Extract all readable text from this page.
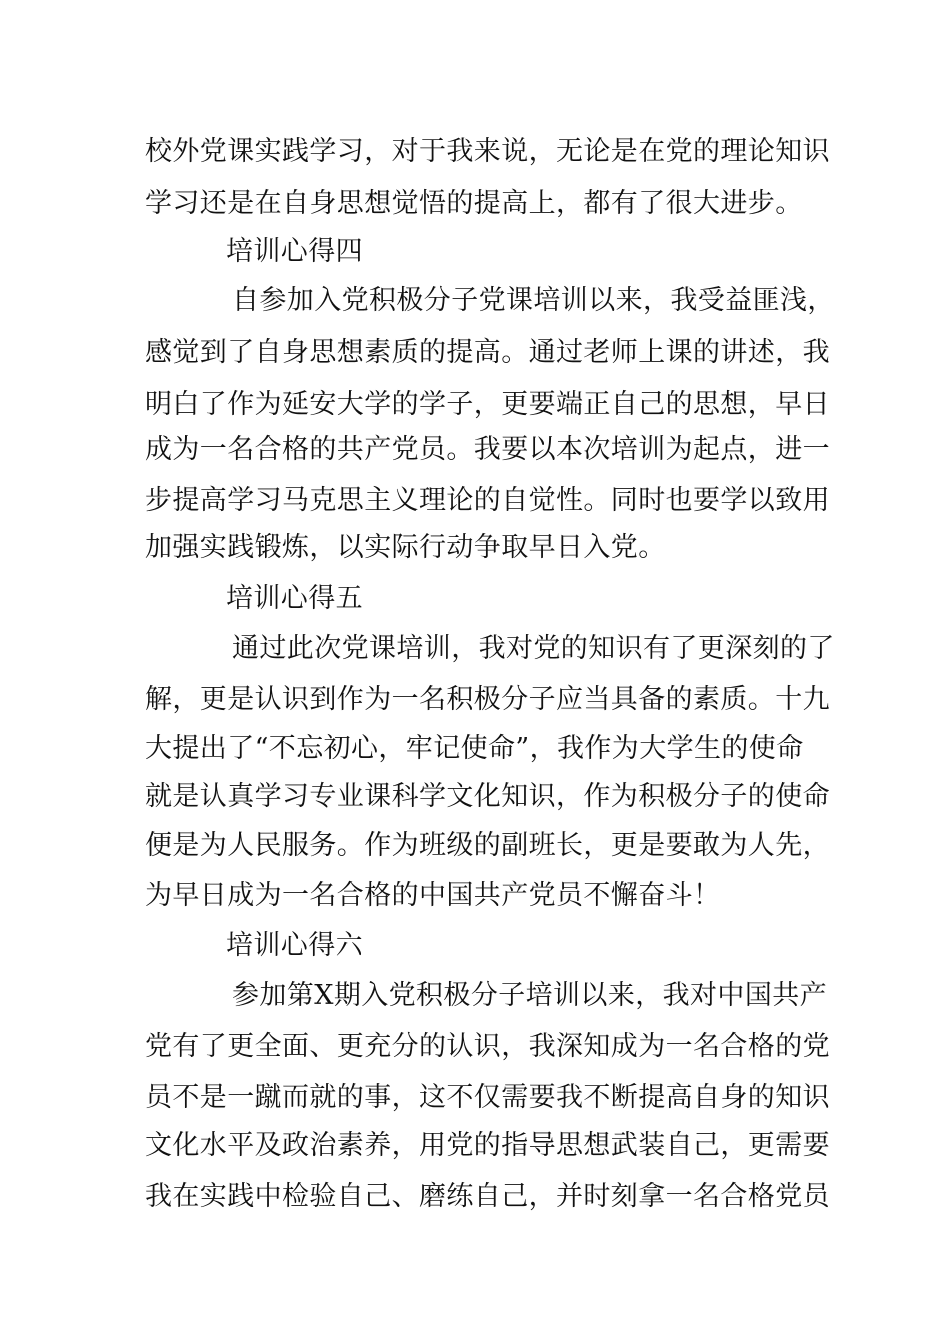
校外党课实践学习，对于我来说，无论是在党的理论知识
学习还是在自身思想觉悟的提高上，都有了很大进步。
培训心得四
自参加入党积极分子党课培训以来，我受益匪浅，
感觉到了自身思想素质的提高。通过老师上课的讲述，我
明白了作为延安大学的学子，更要端正自己的思想，早日
成为一名合格的共产党员。我要以本次培训为起点，进一
步提高学习马克思主义理论的自觉性。同时也要学以致用
加强实践锻炼，以实际行动争取早日入党。
培训心得五
通过此次党课培训，我对党的知识有了更深刻的了
解，更是认识到作为一名积极分子应当具备的素质。十九
大提出了“不忘初心，牢记使命”，我作为大学生的使命
就是认真学习专业课科学文化知识，作为积极分子的使命
便是为人民服务。作为班级的副班长，更是要敢为人先，
为早日成为一名合格的中国共产党员不懈奋斗！
培训心得六
参加第X期入党积极分子培训以来，我对中国共产
党有了更全面、更充分的认识，我深知成为一名合格的党
员不是一蹴而就的事，这不仅需要我不断提高自身的知识
文化水平及政治素养，用党的指导思想武装自己，更需要
我在实践中检验自己、磨练自己，并时刻拿一名合格党员
